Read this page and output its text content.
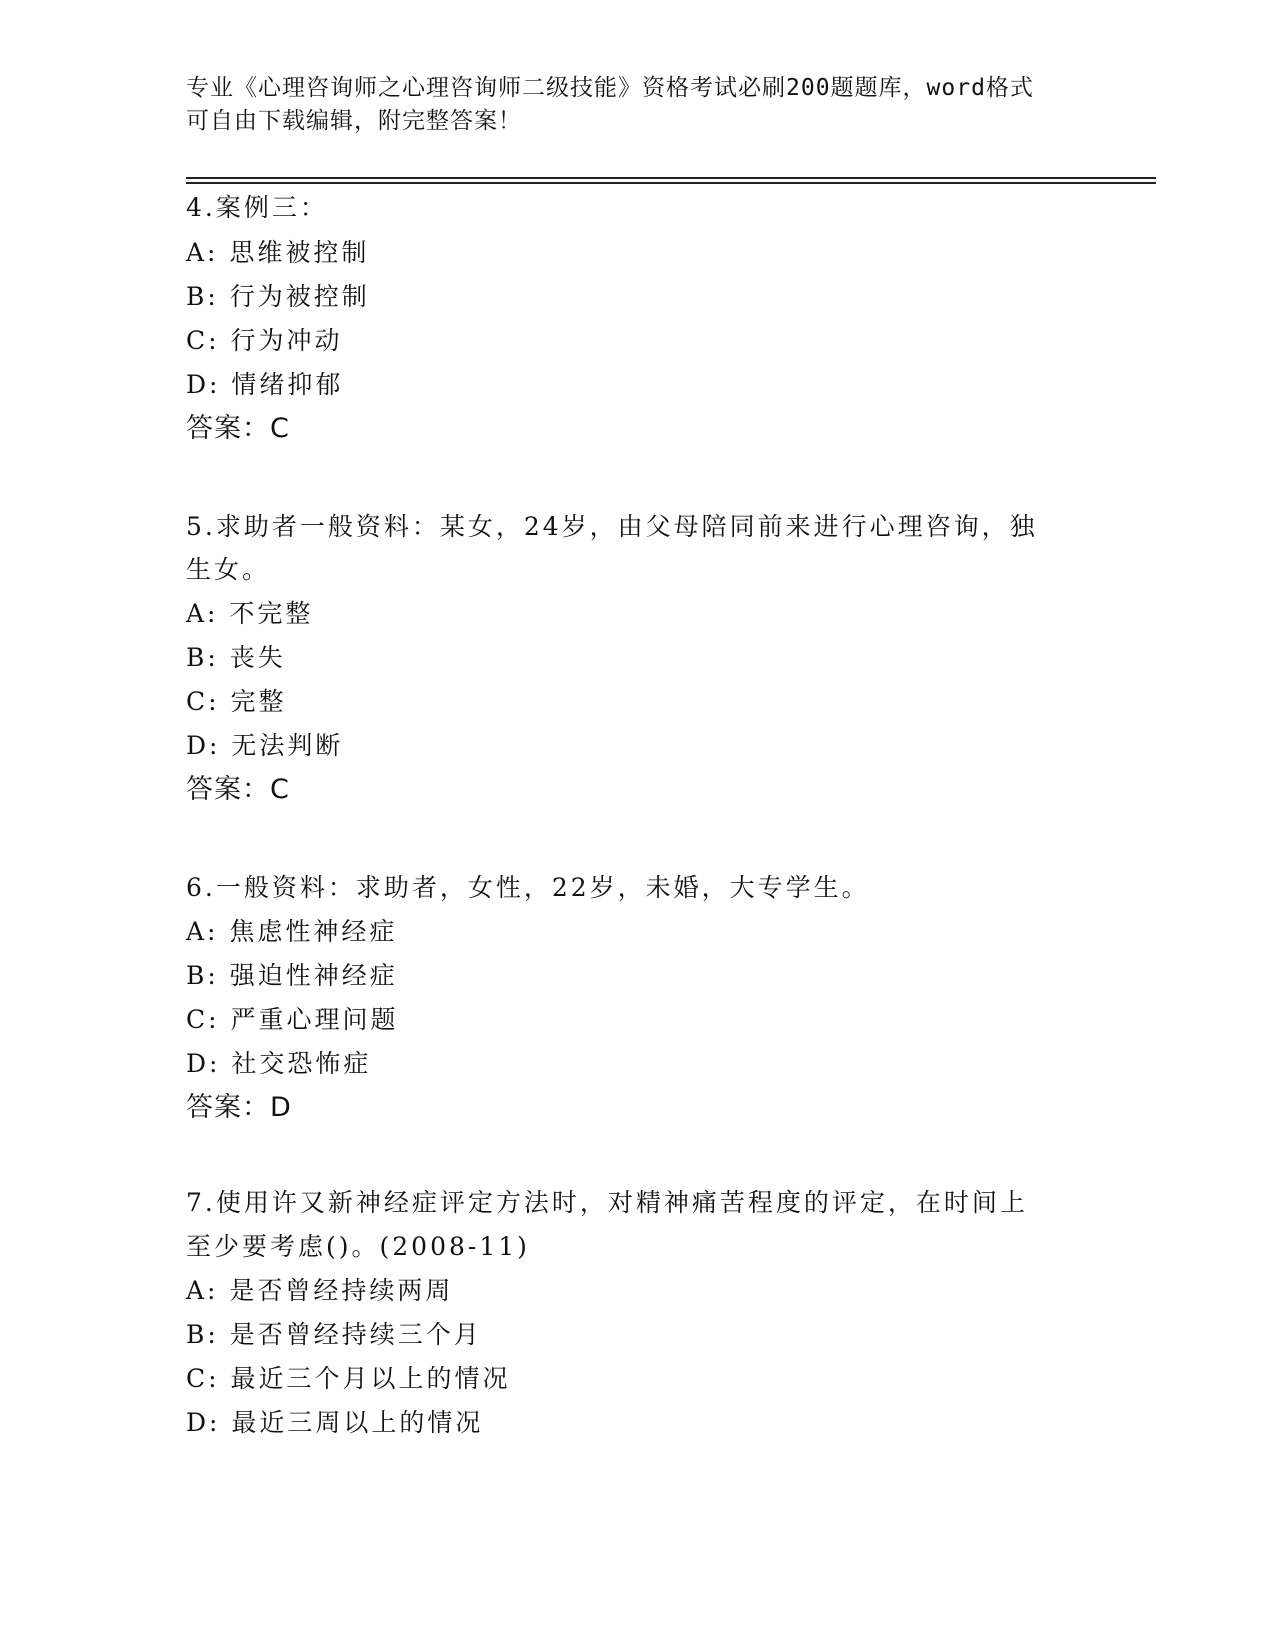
专业《心理咨询师之心理咨询师二级技能》资格考试必刷200题题库，word格式
可自由下载编辑，附完整答案！
4.案例三：
A: 思维被控制
B: 行为被控制
C: 行为冲动
D: 情绪抑郁
答案：C
5.求助者一般资料：某女，24岁，由父母陪同前来进行心理咨询，独
生女。
A: 不完整
B: 丧失
C: 完整
D: 无法判断
答案：C
6.一般资料：求助者，女性，22岁，未婚，大专学生。
A: 焦虑性神经症
B: 强迫性神经症
C: 严重心理问题
D: 社交恐怖症
答案：D
7.使用许又新神经症评定方法时，对精神痛苦程度的评定，在时间上
至少要考虑()。(2008-11)
A: 是否曾经持续两周
B: 是否曾经持续三个月
C: 最近三个月以上的情况
D: 最近三周以上的情况
